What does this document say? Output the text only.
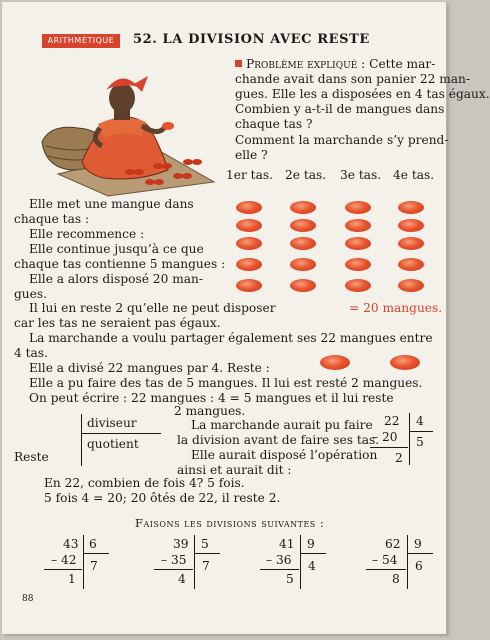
ARITHMÉTIQUE	52. LA DIVISION AVEC RESTE
Problème expliqué : Cette mar-
chande avait dans son panier 22 man-
gues. Elle les a disposées en 4 tas égaux.
Combien y a-t-il de mangues dans
chaque tas ?
Comment la marchande s’y prend-
elle ?
1er tas. 2e tas. 3e tas. 4e tas.
Elle met une mangue dans
chaque tas :
Elle recommence :
Elle continue jusqu’à ce que
chaque tas contienne 5 mangues :
Elle a alors disposé 20 man-
gues.
= 20 mangues.
Il lui en reste 2 qu’elle ne peut disposer
car les tas ne seraient pas égaux.
La marchande a voulu partager également ses 22 mangues entre
4 tas.
Elle a divisé 22 mangues par 4. Reste :
Elle a pu faire des tas de 5 mangues. Il lui est resté 2 mangues.
On peut écrire : 22 mangues : 4 = 5 mangues et il lui reste
2 mangues.
diviseur
quotient
Reste
La marchande aurait pu faire
la division avant de faire ses tas.
Elle aurait disposé l’opération
ainsi et aurait dit :
22 4
– 20 5
2
En 22, combien de fois 4? 5 fois.
5 fois 4 = 20; 20 ôtés de 22, il reste 2.
Faisons les divisions suivantes :
43 6
– 42 7
1
39 5
– 35 7
4
41 9
– 36 4
5
62 9
– 54 6
8
88
